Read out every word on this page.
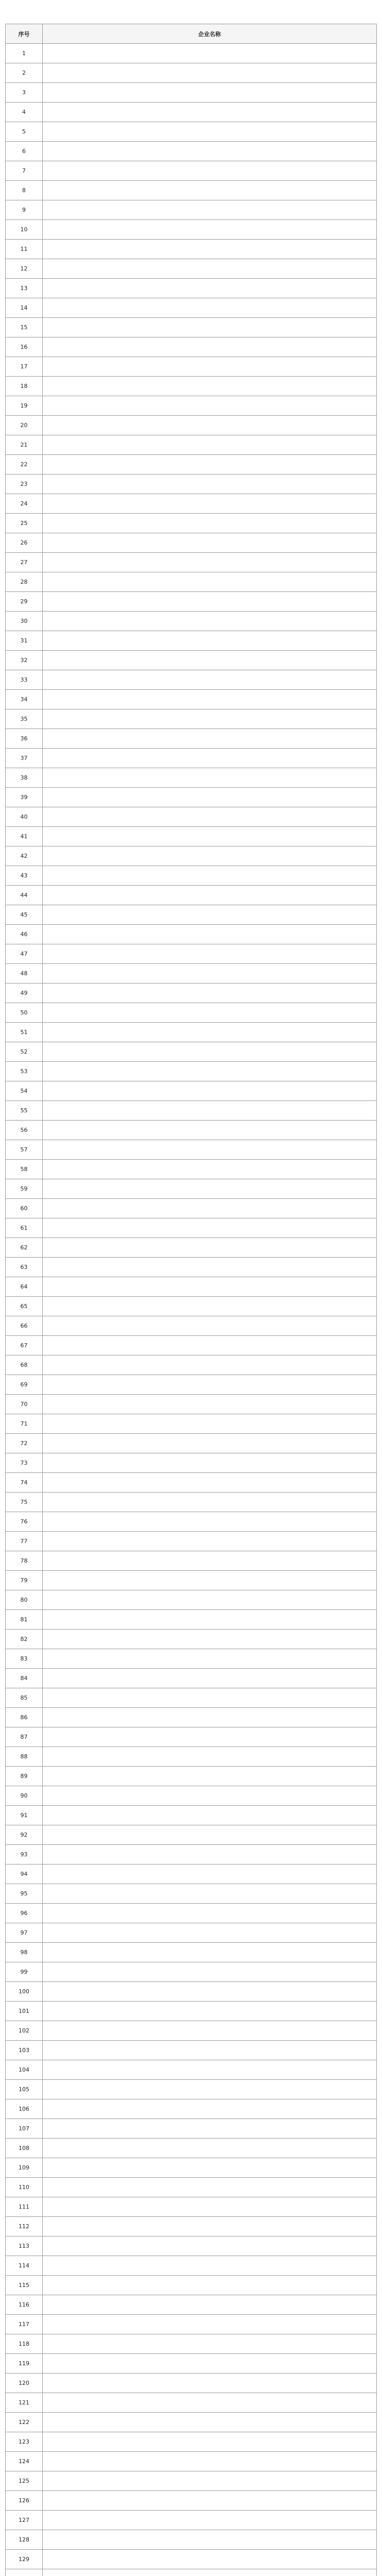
序号	企业名称
1	
2	
3	
4	
5	
6	
7	
8	
9	
10	
11	
12	
13	
14	
15	
16	
17	
18	
19	
20	
21	
22	
23	
24	
25	
26	
27	
28	
29	
30	
31	
32	
33	
34	
35	
36	
37	
38	
39	
40	
41	
42	
43	
44	
45	
46	
47	
48	
49	
50	
51	
52	
53	
54	
55	
56	
57	
58	
59	
60	
61	
62	
63	
64	
65	
66	
67	
68	
69	
70	
71	
72	
73	
74	
75	
76	
77	
78	
79	
80	
81	
82	
83	
84	
85	
86	
87	
88	
89	
90	
91	
92	
93	
94	
95	
96	
97	
98	
99	
100	
101	
102	
103	
104	
105	
106	
107	
108	
109	
110	
111	
112	
113	
114	
115	
116	
117	
118	
119	
120	
121	
122	
123	
124	
125	
126	
127	
128	
129	
